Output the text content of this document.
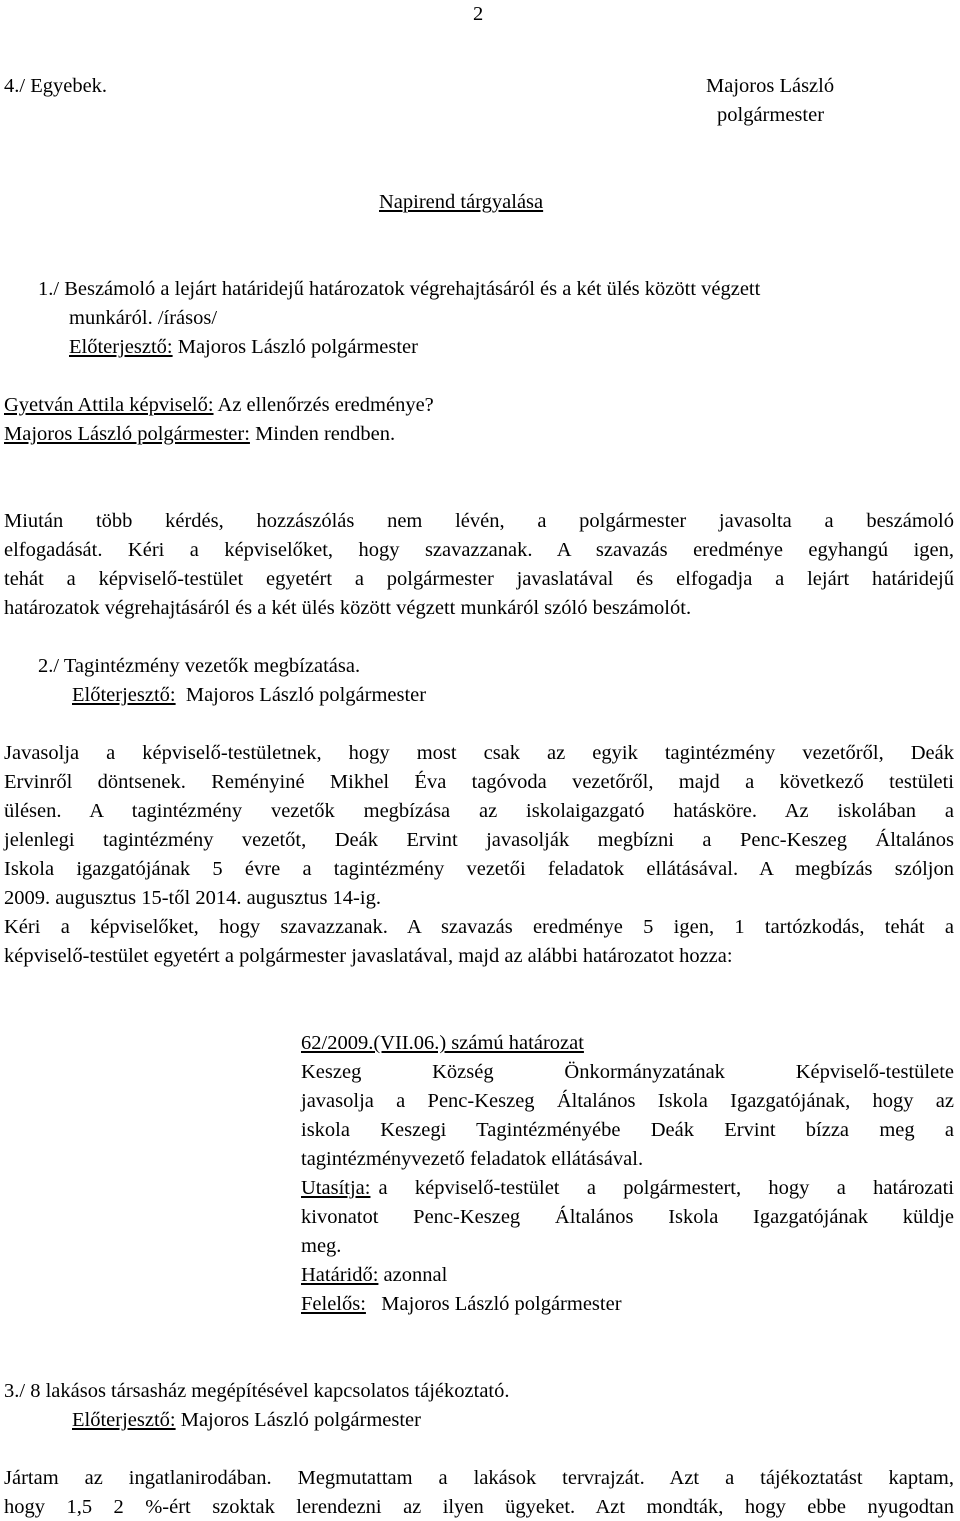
2
4./ Egyebek.	Majoros László
polgármester
Napirend tárgyalása
1./ Beszámoló a lejárt határidejű határozatok végrehajtásáról és a két ülés között végzett
munkáról. /írásos/
Előterjesztő: Majoros László polgármester
Gyetván Attila képviselő: Az ellenőrzés eredménye?
Majoros László polgármester: Minden rendben.
Miután több kérdés, hozzászólás nem lévén, a polgármester javasolta a beszámoló
elfogadását. Kéri a képviselőket, hogy szavazzanak. A szavazás eredménye egyhangú igen,
tehát a képviselő-testület egyetért a polgármester javaslatával és elfogadja a lejárt határidejű
határozatok végrehajtásáról és a két ülés között végzett munkáról szóló beszámolót.
2./ Tagintézmény vezetők megbízatása.
Előterjesztő: Majoros László polgármester
Javasolja a képviselő-testületnek, hogy most csak az egyik tagintézmény vezetőről, Deák
Ervinről döntsenek. Reményiné Mikhel Éva tagóvoda vezetőről, majd a következő testületi
ülésen. A tagintézmény vezetők megbízása az iskolaigazgató hatásköre. Az iskolában a
jelenlegi tagintézmény vezetőt, Deák Ervint javasolják megbízni a Penc-Keszeg Általános
Iskola igazgatójának 5 évre a tagintézmény vezetői feladatok ellátásával. A megbízás szóljon
2009. augusztus 15-től 2014. augusztus 14-ig.
Kéri a képviselőket, hogy szavazzanak. A szavazás eredménye 5 igen, 1 tartózkodás, tehát a
képviselő-testület egyetért a polgármester javaslatával, majd az alábbi határozatot hozza:
62/2009.(VII.06.) számú határozat
Keszeg Község Önkormányzatának Képviselő-testülete
javasolja a Penc-Keszeg Általános Iskola Igazgatójának, hogy az
iskola Keszegi Tagintézményébe Deák Ervint bízza meg a
tagintézményvezető feladatok ellátásával.
Utasítja: a képviselő-testület a polgármestert, hogy a határozati
kivonatot Penc-Keszeg Általános Iskola Igazgatójának küldje
meg.
Határidő: azonnal
Felelős: Majoros László polgármester
3./ 8 lakásos társasház megépítésével kapcsolatos tájékoztató.
Előterjesztő: Majoros László polgármester
Jártam az ingatlanirodában. Megmutattam a lakások tervrajzát. Azt a tájékoztatást kaptam,
hogy 1,5 2 %-ért szoktak lerendezni az ilyen ügyeket. Azt mondták, hogy ebbe nyugodtan
